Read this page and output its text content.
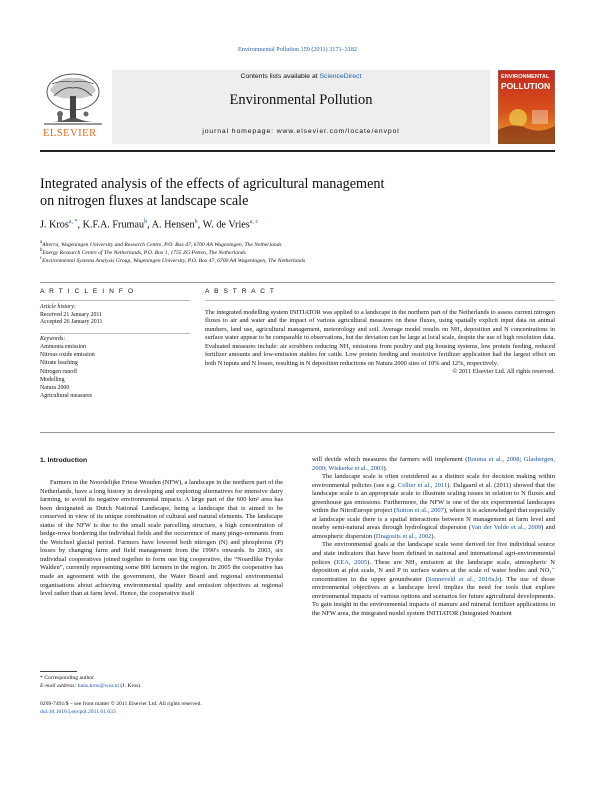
Environmental Pollution 159 (2011) 3171–3182
ELSEVIER
Contents lists available at ScienceDirect
Environmental Pollution
journal homepage: www.elsevier.com/locate/envpol
ENVIRONMENTAL
POLLUTION
Integrated analysis of the effects of agricultural management
on nitrogen fluxes at landscape scale
J. Kros$^{a, *}$, K.F.A. Frumau$^b$, A. Hensen$^b$, W. de Vries$^{a, c}$
$^a$Alterra, Wageningen University and Research Centre, P.O. Box 47, 6700 AA Wageningen, The Netherlands
$^b$Energy Research Centre of The Netherlands, P.O. Box 1, 1755 ZG Petten, The Netherlands
$^c$Environmental Systems Analysis Group, Wageningen University, P.O. Box 47, 6700 AA Wageningen, The Netherlands
A R T I C L E I N F O
Article history:
Received 21 January 2011
Accepted 26 January 2011
Keywords:
Ammonia emission
Nitrous oxide emission
Nitrate leaching
Nitrogen runoff
Modelling
Natura 2000
Agricultural measures
A B S T R A C T
The integrated modelling system INITIATOR was applied to a landscape in the northern part of the Netherlands to assess current nitrogen fluxes to air and water and the impact of various agricultural measures on these fluxes, using spatially explicit input data on animal numbers, land use, agricultural management, meteorology and soil. Average model results on NH₃ deposition and N concentrations in surface water appear to be comparable to observations, but the deviation can be large at local scale, despite the use of high resolution data. Evaluated measures include: air scrubbers reducing NH₃ emissions from poultry and pig housing systems, low protein feeding, reduced fertilizer amounts and low-emission stables for cattle. Low protein feeding and restrictive fertilizer application had the largest effect on both N inputs and N losses, resulting in N deposition reductions on Natura 2000 sites of 10% and 12%, respectively.
© 2011 Elsevier Ltd. All rights reserved.
1. Introduction

Farmers in the Noordelijke Friese Wouden (NFW), a landscape in the northern part of the Netherlands, have a long history in developing and exploring alternatives for intensive dairy farming, to avoid its negative environmental impacts. A large part of the 600 km² area has been designated as Dutch National Landscape, being a landscape that is aimed to be conserved in view of its unique combination of cultural and natural elements. The landscape status of the NFW is due to the small scale parcelling structure, a high concentration of hedge-rows bordering the individual fields and the occurrence of many pingo-remnants from the Weichsel glacial period. Farmers have lowered both nitrogen (N) and phosphorus (P) losses by changing farm and field management from the 1990's onwards. In 2003, six individual cooperatives joined together to form one big cooperative, the “Noardlike Fryske Walden”, currently representing some 800 farmers in the region. In 2005 the cooperative has made an agreement with the government, the Water Board and regional environmental organisations about achieving environmental quality and emission objectives at regional level rather than at farm level. Hence, the cooperative itself

will decide which measures the farmers will implement (Bouma et al., 2008; Glasbergen, 2000; Wiskerke et al., 2003).

The landscape scale is often considered as a distinct scale for decision making within environmental policies (see e.g. Cellier et al., 2011). Dalgaard et al. (2011) showed that the landscape scale is an appropriate scale to illustrate scaling issues in relation to N fluxes and greenhouse gas emissions. Furthermore, the NFW is one of the six experimental landscapes within the NitroEurope project (Sutton et al., 2007), where it is acknowledged that especially at landscape scale there is a spatial interactions between N management at farm level and nearby semi-natural areas through hydrological dispersion (Van der Velde et al., 2009) and atmospheric dispersion (Dragosits et al., 2002).

The environmental goals at the landscape scale were derived for five individual source and state indicators that have been defined in national and international agri-environmental polices (EEA, 2005). These are NH₃ emission at the landscape scale, atmospheric N deposition at plot scale, N and P in surface waters at the scale of water bodies and NO₃⁻ concentration in the upper groundwater (Sonneveld et al., 2010a,b). The use of those environmental objectives at a landscape level implies the need for tools that explore environmental impacts of various options and scenarios for future agricultural developments. To gain insight in the environmental impacts of manure and mineral fertilizer applications in the NFW area, the integrated model system INITIATOR (Integrated Nutrient

* Corresponding author.
E-mail address: hans.kros@wur.nl (J. Kros).
0269-7491/$ – see front matter © 2011 Elsevier Ltd. All rights reserved.
doi:10.1016/j.envpol.2011.01.033
